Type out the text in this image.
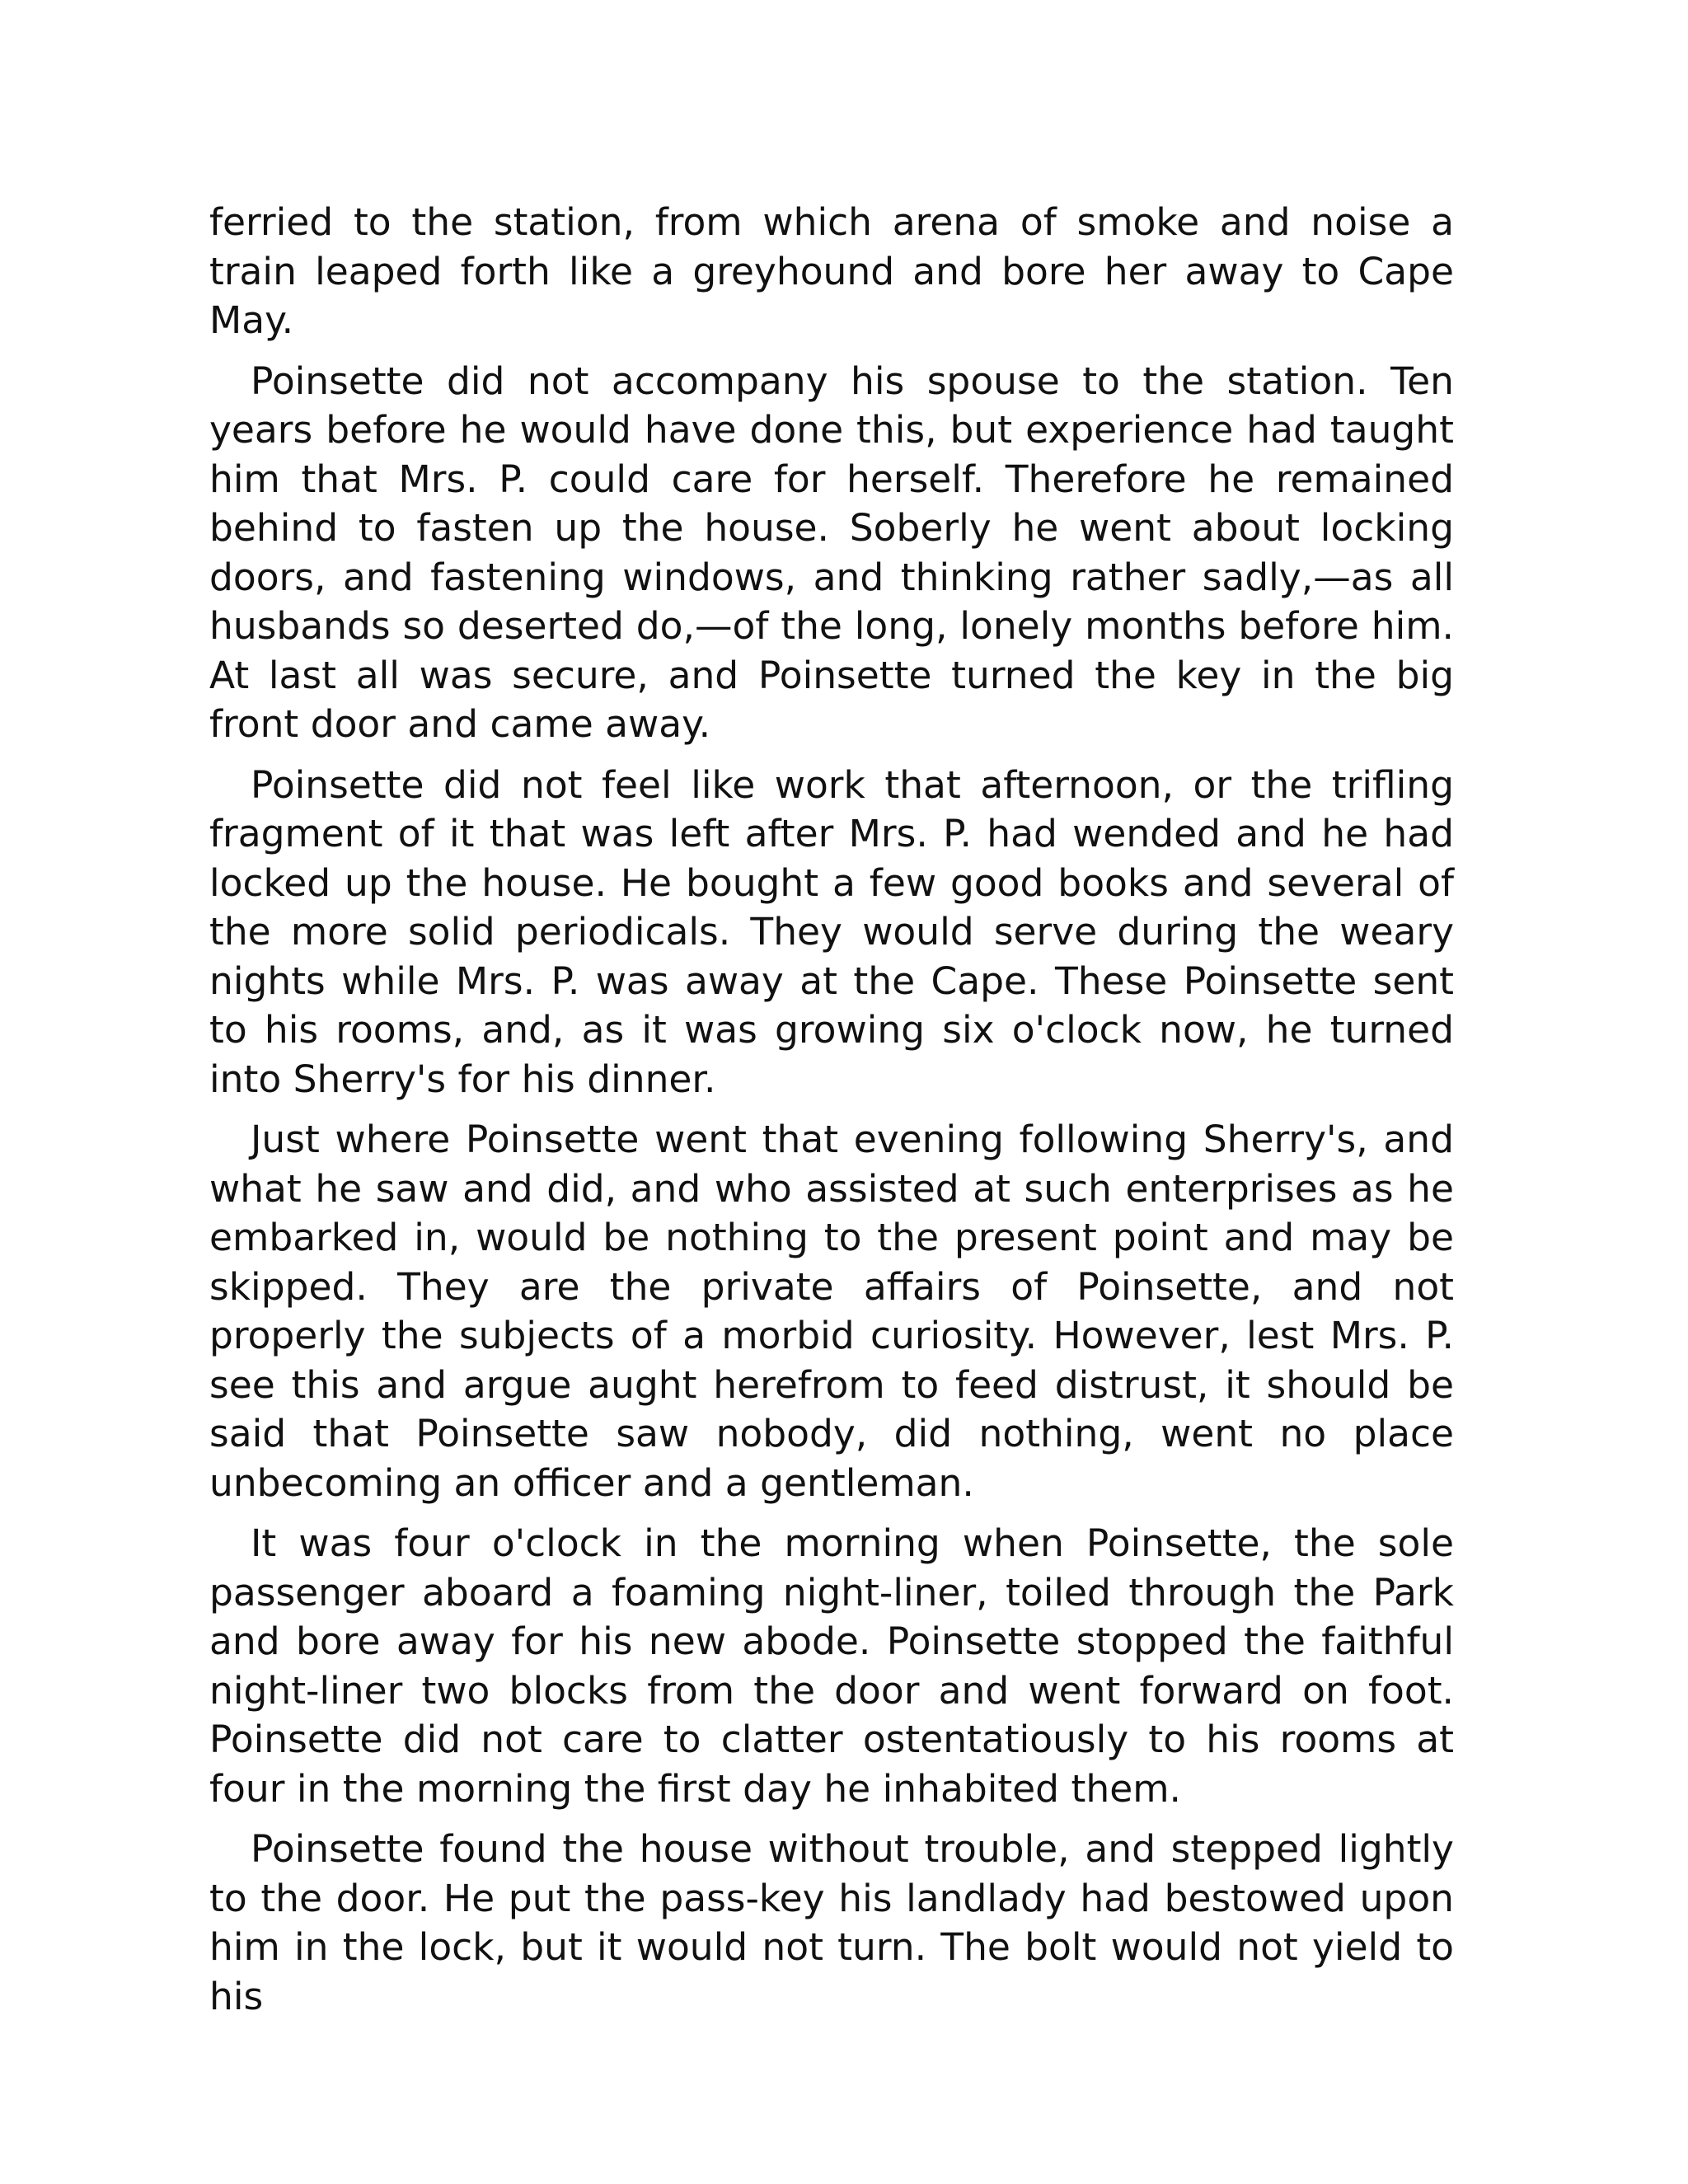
ferried to the station, from which arena of smoke and noise a train leaped forth like a greyhound and bore her away to Cape May.

Poinsette did not accompany his spouse to the station. Ten years before he would have done this, but experience had taught him that Mrs. P. could care for herself. Therefore he remained behind to fasten up the house. Soberly he went about locking doors, and fastening windows, and thinking rather sadly,—as all husbands so deserted do,—of the long, lonely months before him. At last all was secure, and Poinsette turned the key in the big front door and came away.

Poinsette did not feel like work that afternoon, or the trifling fragment of it that was left after Mrs. P. had wended and he had locked up the house. He bought a few good books and several of the more solid periodicals. They would serve during the weary nights while Mrs. P. was away at the Cape. These Poinsette sent to his rooms, and, as it was growing six o'clock now, he turned into Sherry's for his dinner.

Just where Poinsette went that evening following Sherry's, and what he saw and did, and who assisted at such enterprises as he embarked in, would be nothing to the present point and may be skipped. They are the private affairs of Poinsette, and not properly the subjects of a morbid curiosity. However, lest Mrs. P. see this and argue aught herefrom to feed distrust, it should be said that Poinsette saw nobody, did nothing, went no place unbecoming an officer and a gentleman.

It was four o'clock in the morning when Poinsette, the sole passenger aboard a foaming night-liner, toiled through the Park and bore away for his new abode. Poinsette stopped the faithful night-liner two blocks from the door and went forward on foot. Poinsette did not care to clatter ostentatiously to his rooms at four in the morning the first day he inhabited them.

Poinsette found the house without trouble, and stepped lightly to the door. He put the pass-key his landlady had bestowed upon him in the lock, but it would not turn. The bolt would not yield to his
